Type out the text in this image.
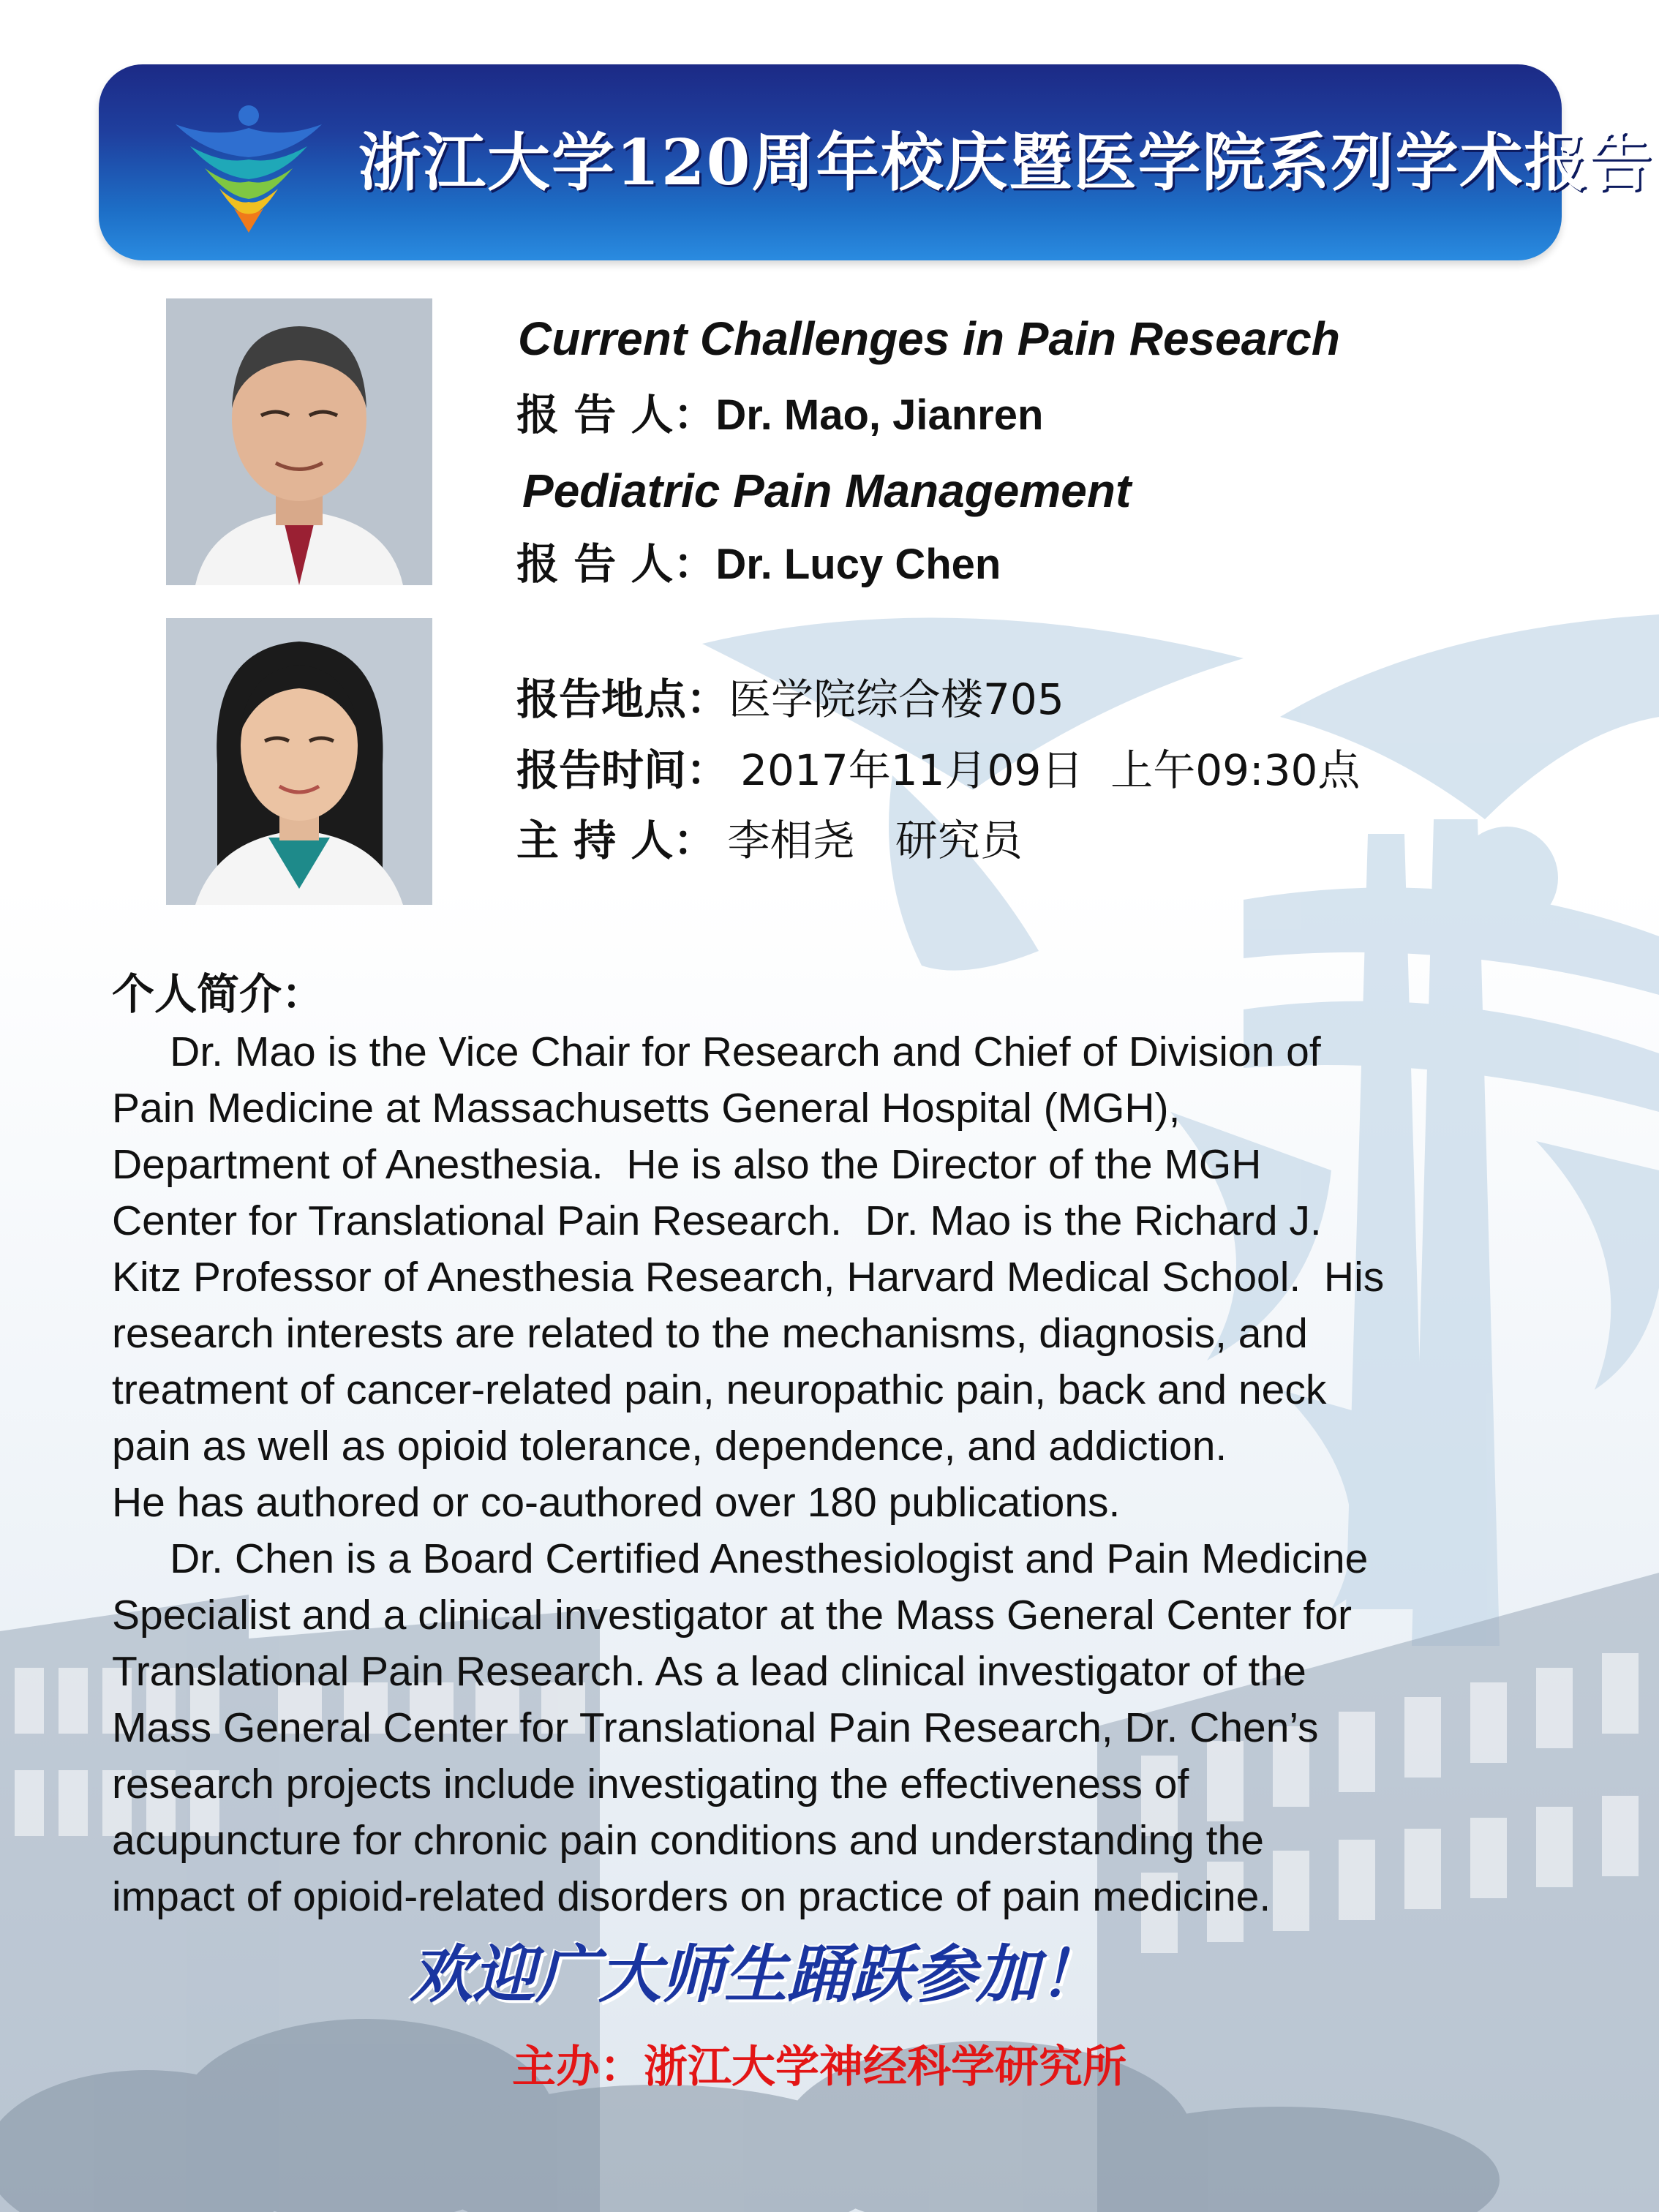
浙江大学120周年校庆暨医学院系列学术报告
Current Challenges in Pain Research
报 告 人：Dr. Mao, Jianren
Pediatric Pain Management
报 告 人：Dr. Lucy Chen
报告地点：医学院综合楼705
报告时间： 2017年11月09日  上午09:30点
主 持 人： 李相尧   研究员
个人简介：
Dr. Mao is the Vice Chair for Research and Chief of Division of
Pain Medicine at Massachusetts General Hospital (MGH),
Department of Anesthesia.  He is also the Director of the MGH
Center for Translational Pain Research.  Dr. Mao is the Richard J.
Kitz Professor of Anesthesia Research, Harvard Medical School.  His
research interests are related to the mechanisms, diagnosis, and
treatment of cancer-related pain, neuropathic pain, back and neck
pain as well as opioid tolerance, dependence, and addiction.
He has authored or co-authored over 180 publications.
Dr. Chen is a Board Certified Anesthesiologist and Pain Medicine
Specialist and a clinical investigator at the Mass General Center for
Translational Pain Research. As a lead clinical investigator of the
Mass General Center for Translational Pain Research, Dr. Chen’s
research projects include investigating the effectiveness of
acupuncture for chronic pain conditions and understanding the
impact of opioid-related disorders on practice of pain medicine.
欢迎广大师生踊跃参加！
主办：浙江大学神经科学研究所
